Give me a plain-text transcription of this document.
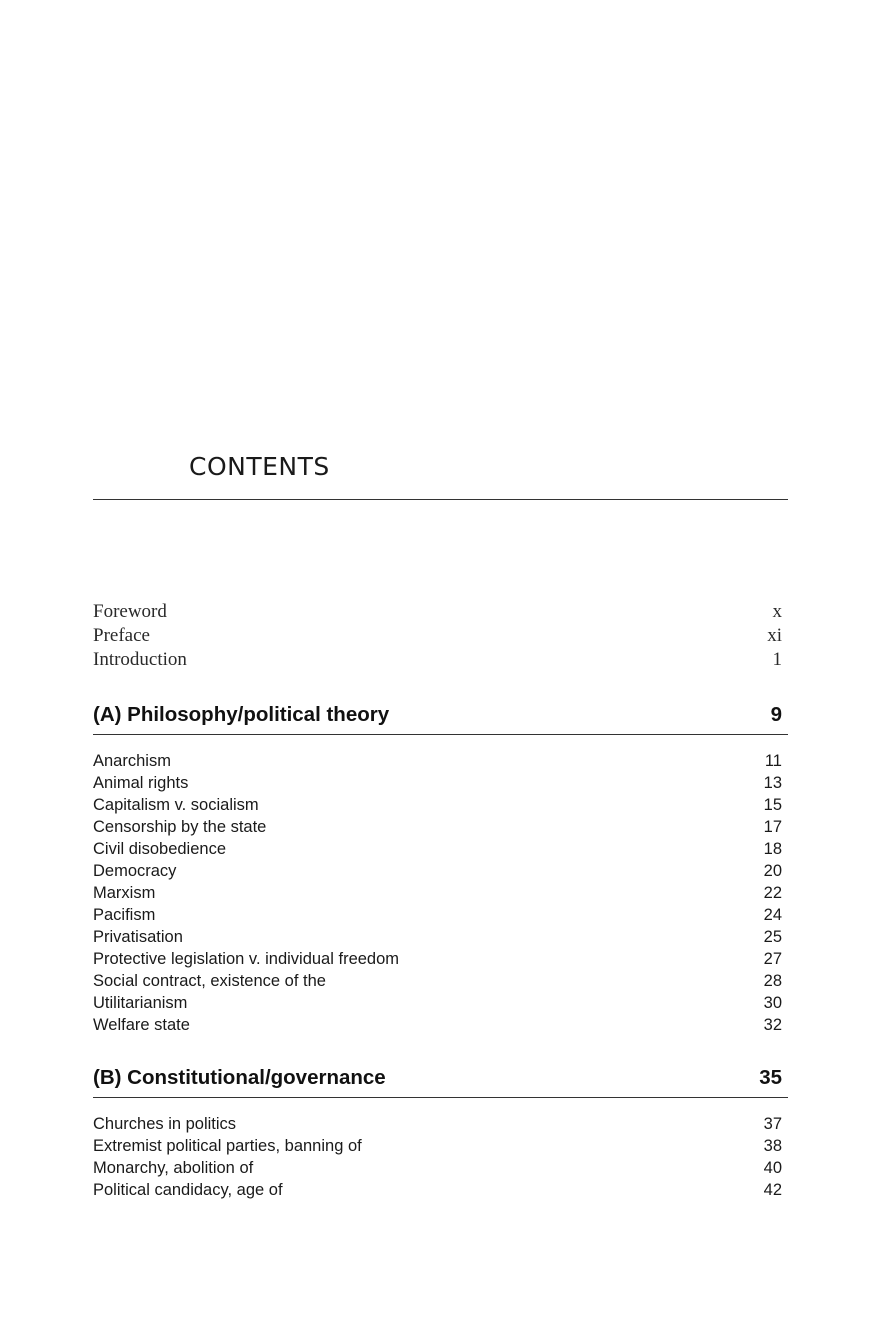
CONTENTS
Foreword	x
Preface	xi
Introduction	1
(A) Philosophy/political theory	9
Anarchism	11
Animal rights	13
Capitalism v. socialism	15
Censorship by the state	17
Civil disobedience	18
Democracy	20
Marxism	22
Pacifism	24
Privatisation	25
Protective legislation v. individual freedom	27
Social contract, existence of the	28
Utilitarianism	30
Welfare state	32
(B) Constitutional/governance	35
Churches in politics	37
Extremist political parties, banning of	38
Monarchy, abolition of	40
Political candidacy, age of	42
